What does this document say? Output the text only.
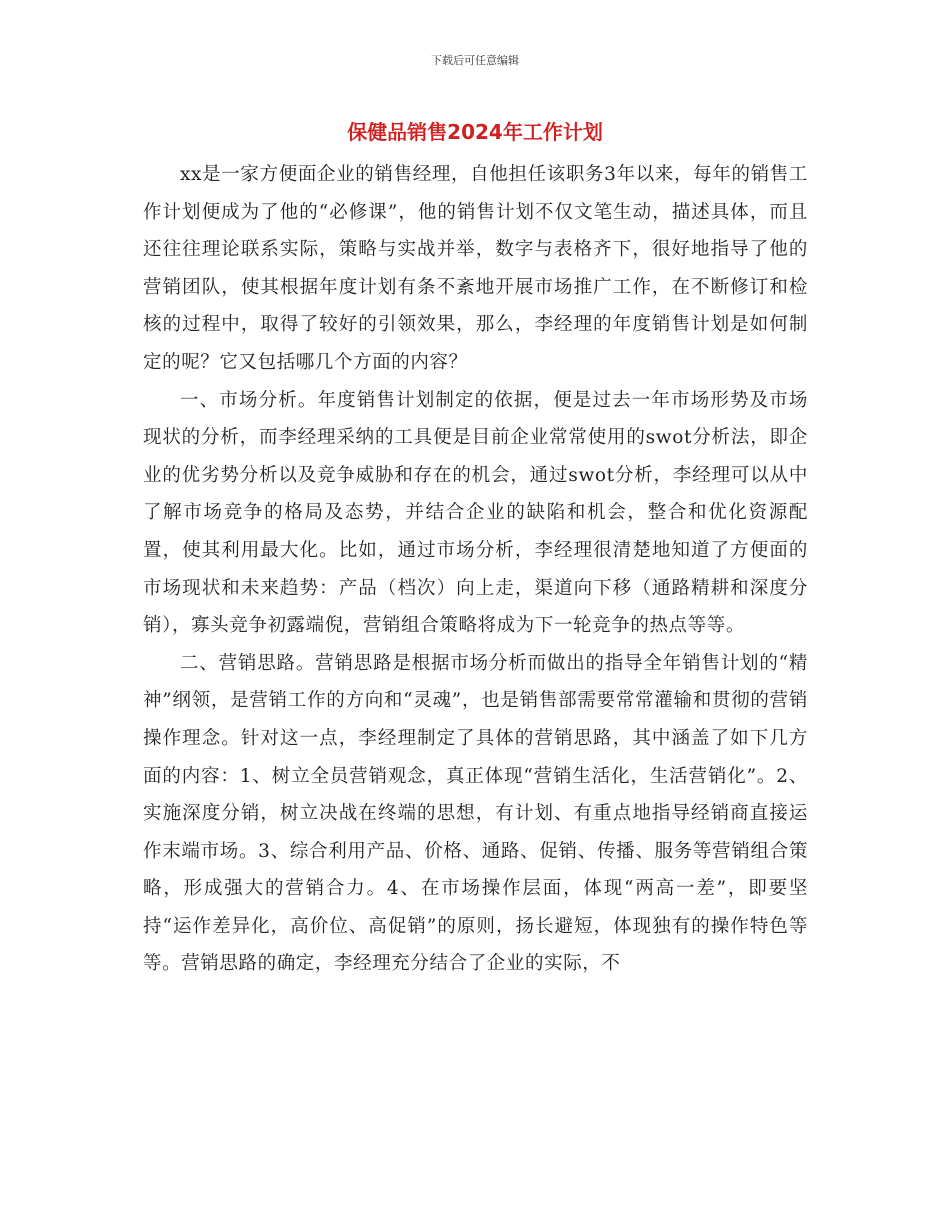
下载后可任意编辑
保健品销售2024年工作计划

xx是一家方便面企业的销售经理，自他担任该职务3年以来，每年的销售工作计划便成为了他的“必修课”，他的销售计划不仅文笔生动，描述具体，而且还往往理论联系实际，策略与实战并举，数字与表格齐下，很好地指导了他的营销团队，使其根据年度计划有条不紊地开展市场推广工作，在不断修订和检核的过程中，取得了较好的引领效果，那么，李经理的年度销售计划是如何制定的呢？它又包括哪几个方面的内容？

一、市场分析。年度销售计划制定的依据，便是过去一年市场形势及市场现状的分析，而李经理采纳的工具便是目前企业常常使用的swot分析法，即企业的优劣势分析以及竞争威胁和存在的机会，通过swot分析，李经理可以从中了解市场竞争的格局及态势，并结合企业的缺陷和机会，整合和优化资源配置，使其利用最大化。比如，通过市场分析，李经理很清楚地知道了方便面的市场现状和未来趋势：产品（档次）向上走，渠道向下移（通路精耕和深度分销），寡头竞争初露端倪，营销组合策略将成为下一轮竞争的热点等等。

二、营销思路。营销思路是根据市场分析而做出的指导全年销售计划的“精神”纲领，是营销工作的方向和“灵魂”，也是销售部需要常常灌输和贯彻的营销操作理念。针对这一点，李经理制定了具体的营销思路，其中涵盖了如下几方面的内容：1、树立全员营销观念，真正体现“营销生活化，生活营销化”。2、实施深度分销，树立决战在终端的思想，有计划、有重点地指导经销商直接运作末端市场。3、综合利用产品、价格、通路、促销、传播、服务等营销组合策略，形成强大的营销合力。4、在市场操作层面，体现“两高一差”，即要坚持“运作差异化，高价位、高促销”的原则，扬长避短，体现独有的操作特色等等。营销思路的确定，李经理充分结合了企业的实际，不
